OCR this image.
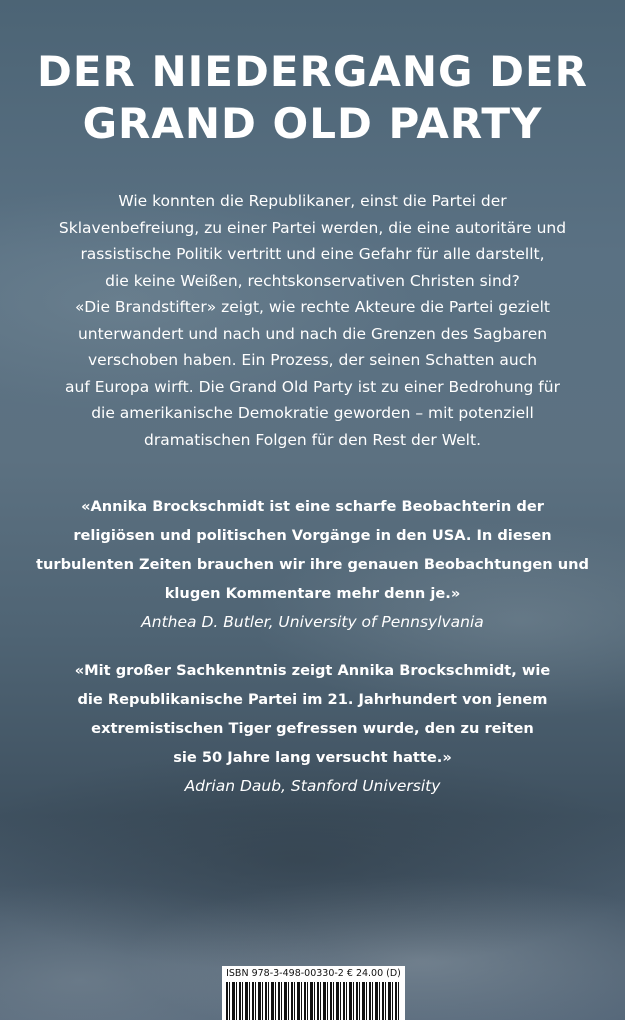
DER NIEDERGANG DER
GRAND OLD PARTY
Wie konnten die Republikaner, einst die Partei der
Sklavenbefreiung, zu einer Partei werden, die eine autoritäre und
rassistische Politik vertritt und eine Gefahr für alle darstellt,
die keine Weißen, rechtskonservativen Christen sind?
«Die Brandstifter» zeigt, wie rechte Akteure die Partei gezielt
unterwandert und nach und nach die Grenzen des Sagbaren
verschoben haben. Ein Prozess, der seinen Schatten auch
auf Europa wirft. Die Grand Old Party ist zu einer Bedrohung für
die amerikanische Demokratie geworden – mit potenziell
dramatischen Folgen für den Rest der Welt.
«Annika Brockschmidt ist eine scharfe Beobachterin der
religiösen und politischen Vorgänge in den USA. In diesen
turbulenten Zeiten brauchen wir ihre genauen Beobachtungen und
klugen Kommentare mehr denn je.»
Anthea D. Butler, University of Pennsylvania
«Mit großer Sachkenntnis zeigt Annika Brockschmidt, wie
die Republikanische Partei im 21. Jahrhundert von jenem
extremistischen Tiger gefressen wurde, den zu reiten
sie 50 Jahre lang versucht hatte.»
Adrian Daub, Stanford University
ISBN 978-3-498-00330-2 € 24.00 (D)
